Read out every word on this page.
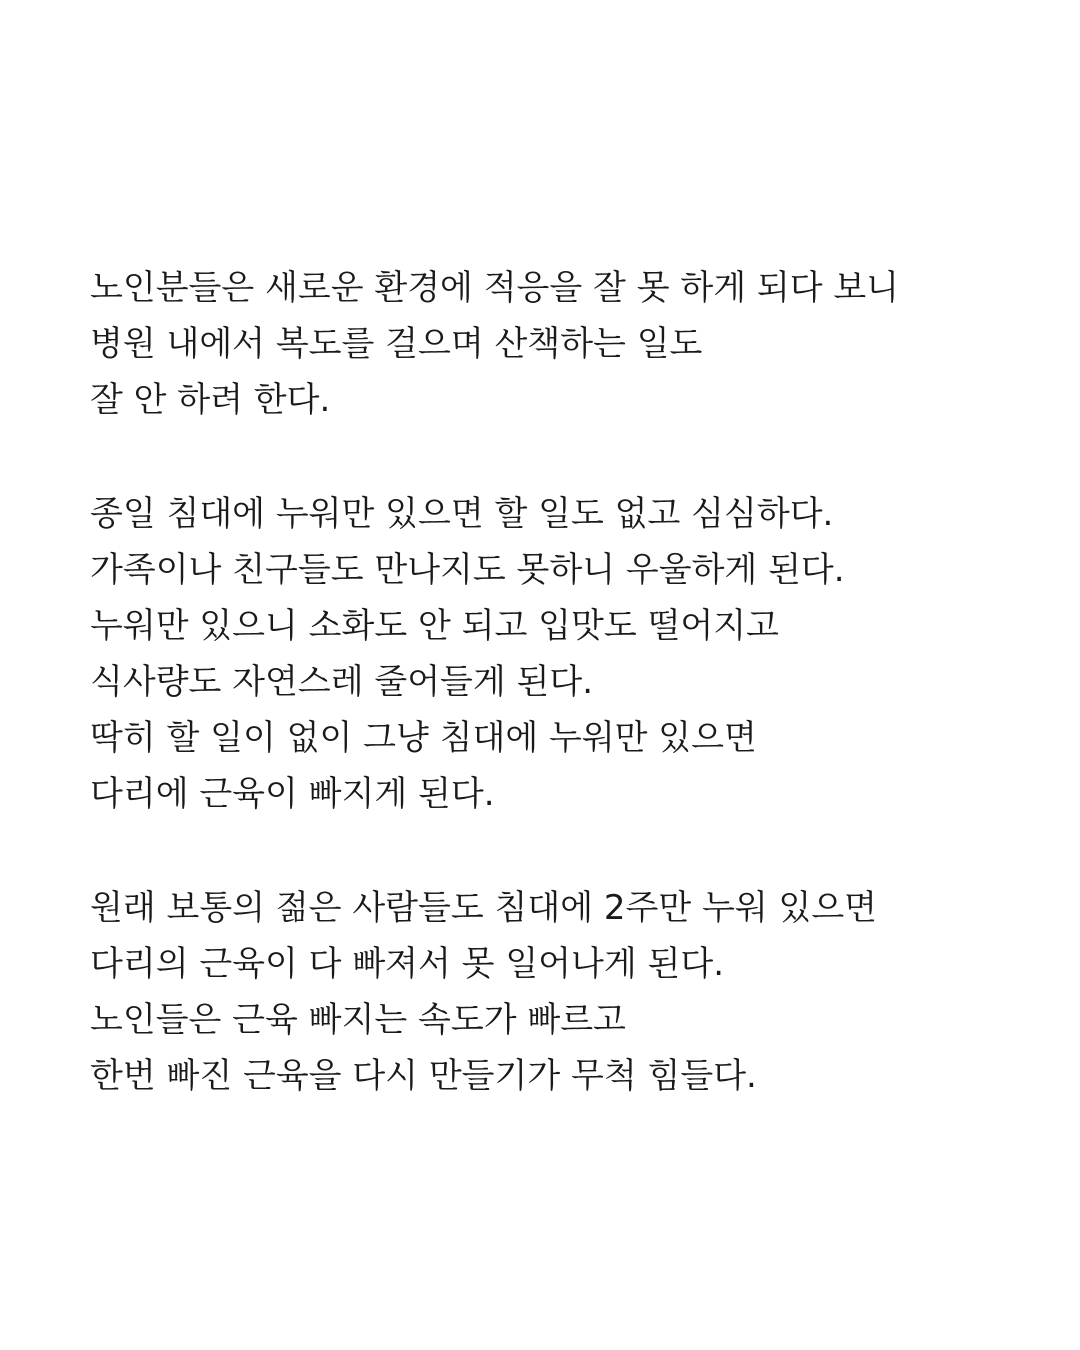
노인분들은 새로운 환경에 적응을 잘 못 하게 되다 보니
병원 내에서 복도를 걸으며 산책하는 일도
잘 안 하려 한다.
종일 침대에 누워만 있으면 할 일도 없고 심심하다.
가족이나 친구들도 만나지도 못하니 우울하게 된다.
누워만 있으니 소화도 안 되고 입맛도 떨어지고
식사량도 자연스레 줄어들게 된다.
딱히 할 일이 없이 그냥 침대에 누워만 있으면
다리에 근육이 빠지게 된다.
원래 보통의 젊은 사람들도 침대에 2주만 누워 있으면
다리의 근육이 다 빠져서 못 일어나게 된다.
노인들은 근육 빠지는 속도가 빠르고
한번 빠진 근육을 다시 만들기가 무척 힘들다.
